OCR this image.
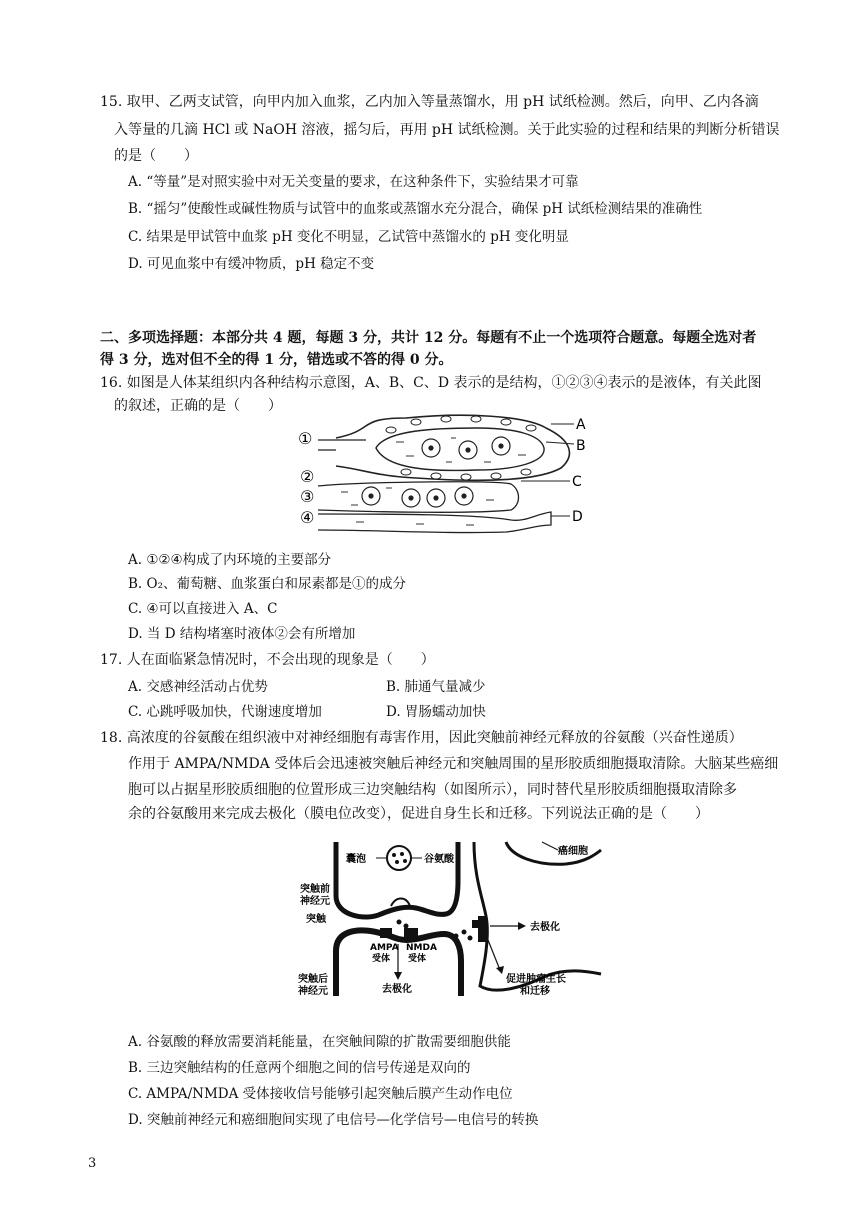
15. 取甲、乙两支试管，向甲内加入血浆，乙内加入等量蒸馏水，用 pH 试纸检测。然后，向甲、乙内各滴
入等量的几滴 HCl 或 NaOH 溶液，摇匀后，再用 pH 试纸检测。关于此实验的过程和结果的判断分析错误
的是（　　）
A. “等量”是对照实验中对无关变量的要求，在这种条件下，实验结果才可靠
B. “摇匀”使酸性或碱性物质与试管中的血浆或蒸馏水充分混合，确保 pH 试纸检测结果的准确性
C. 结果是甲试管中血浆 pH 变化不明显，乙试管中蒸馏水的 pH 变化明显
D. 可见血浆中有缓冲物质，pH 稳定不变
二、多项选择题：本部分共 4 题，每题 3 分，共计 12 分。每题有不止一个选项符合题意。每题全选对者
得 3 分，选对但不全的得 1 分，错选或不答的得 0 分。
16. 如图是人体某组织内各种结构示意图，A、B、C、D 表示的是结构，①②③④表示的是液体，有关此图
的叙述，正确的是（　　）
①
②
③
④
A
B
C
D
A. ①②④构成了内环境的主要部分
B. O₂、葡萄糖、血浆蛋白和尿素都是①的成分
C. ④可以直接进入 A、C
D. 当 D 结构堵塞时液体②会有所增加
17. 人在面临紧急情况时，不会出现的现象是（　　）
A. 交感神经活动占优势	B. 肺通气量减少
C. 心跳呼吸加快，代谢速度增加	D. 胃肠蠕动加快
18. 高浓度的谷氨酸在组织液中对神经细胞有毒害作用，因此突触前神经元释放的谷氨酸（兴奋性递质）
作用于 AMPA/NMDA 受体后会迅速被突触后神经元和突触周围的星形胶质细胞摄取清除。大脑某些癌细
胞可以占据星形胶质细胞的位置形成三边突触结构（如图所示），同时替代星形胶质细胞摄取清除多
余的谷氨酸用来完成去极化（膜电位改变），促进自身生长和迁移。下列说法正确的是（　　）
囊泡	谷氨酸
癌细胞
突触前
神经元
突触
去极化
AMPA
受体
NMDA
受体
促进肿瘤生长
和迁移
突触后
神经元	去极化
A. 谷氨酸的释放需要消耗能量，在突触间隙的扩散需要细胞供能
B. 三边突触结构的任意两个细胞之间的信号传递是双向的
C. AMPA/NMDA 受体接收信号能够引起突触后膜产生动作电位
D. 突触前神经元和癌细胞间实现了电信号—化学信号—电信号的转换
3
